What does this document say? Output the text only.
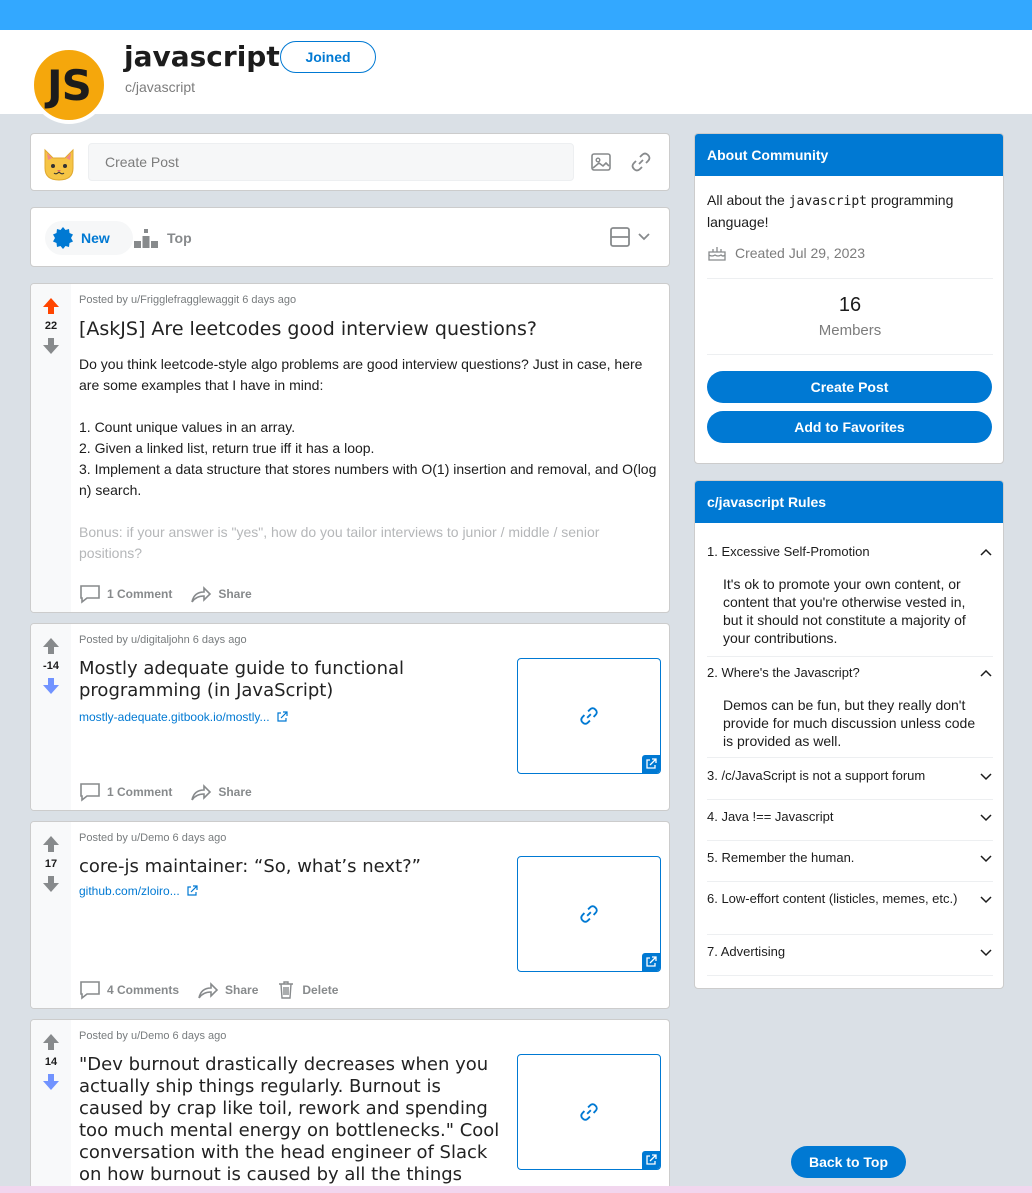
JS
javascript
c/javascript
Joined
Create Post
New	Top
22
Posted by u/Frigglefragglewaggit 6 days ago
[AskJS] Are leetcodes good interview questions?
Do you think leetcode-style algo problems are good interview questions? Just in case, here are some examples that I have in mind:

1. Count unique values in an array.
2. Given a linked list, return true iff it has a loop.
3. Implement a data structure that stores numbers with O(1) insertion and removal, and O(log n) search.
Bonus: if your answer is "yes", how do you tailor interviews to junior / middle / senior positions?
1 Comment	Share
-14
Posted by u/digitaljohn 6 days ago
Mostly adequate guide to functional programming (in JavaScript)
mostly-adequate.gitbook.io/mostly...
1 Comment	Share
17
Posted by u/Demo 6 days ago
core-js maintainer: “So, what’s next?”
github.com/zloiro...
4 Comments	Share	Delete
14
Posted by u/Demo 6 days ago
"Dev burnout drastically decreases when you actually ship things regularly. Burnout is caused by crap like toil, rework and spending too much mental energy on bottlenecks." Cool conversation with the head engineer of Slack on how burnout is caused by all the things
About Community
All about the javascript programming language!
Created Jul 29, 2023
16
Members
Create Post
Add to Favorites
c/javascript Rules
1. Excessive Self-Promotion
It's ok to promote your own content, or content that you're otherwise vested in, but it should not constitute a majority of your contributions.
2. Where's the Javascript?
Demos can be fun, but they really don't provide for much discussion unless code is provided as well.
3. /c/JavaScript is not a support forum
4. Java !== Javascript
5. Remember the human.
6. Low-effort content (listicles, memes, etc.)
7. Advertising
Back to Top
